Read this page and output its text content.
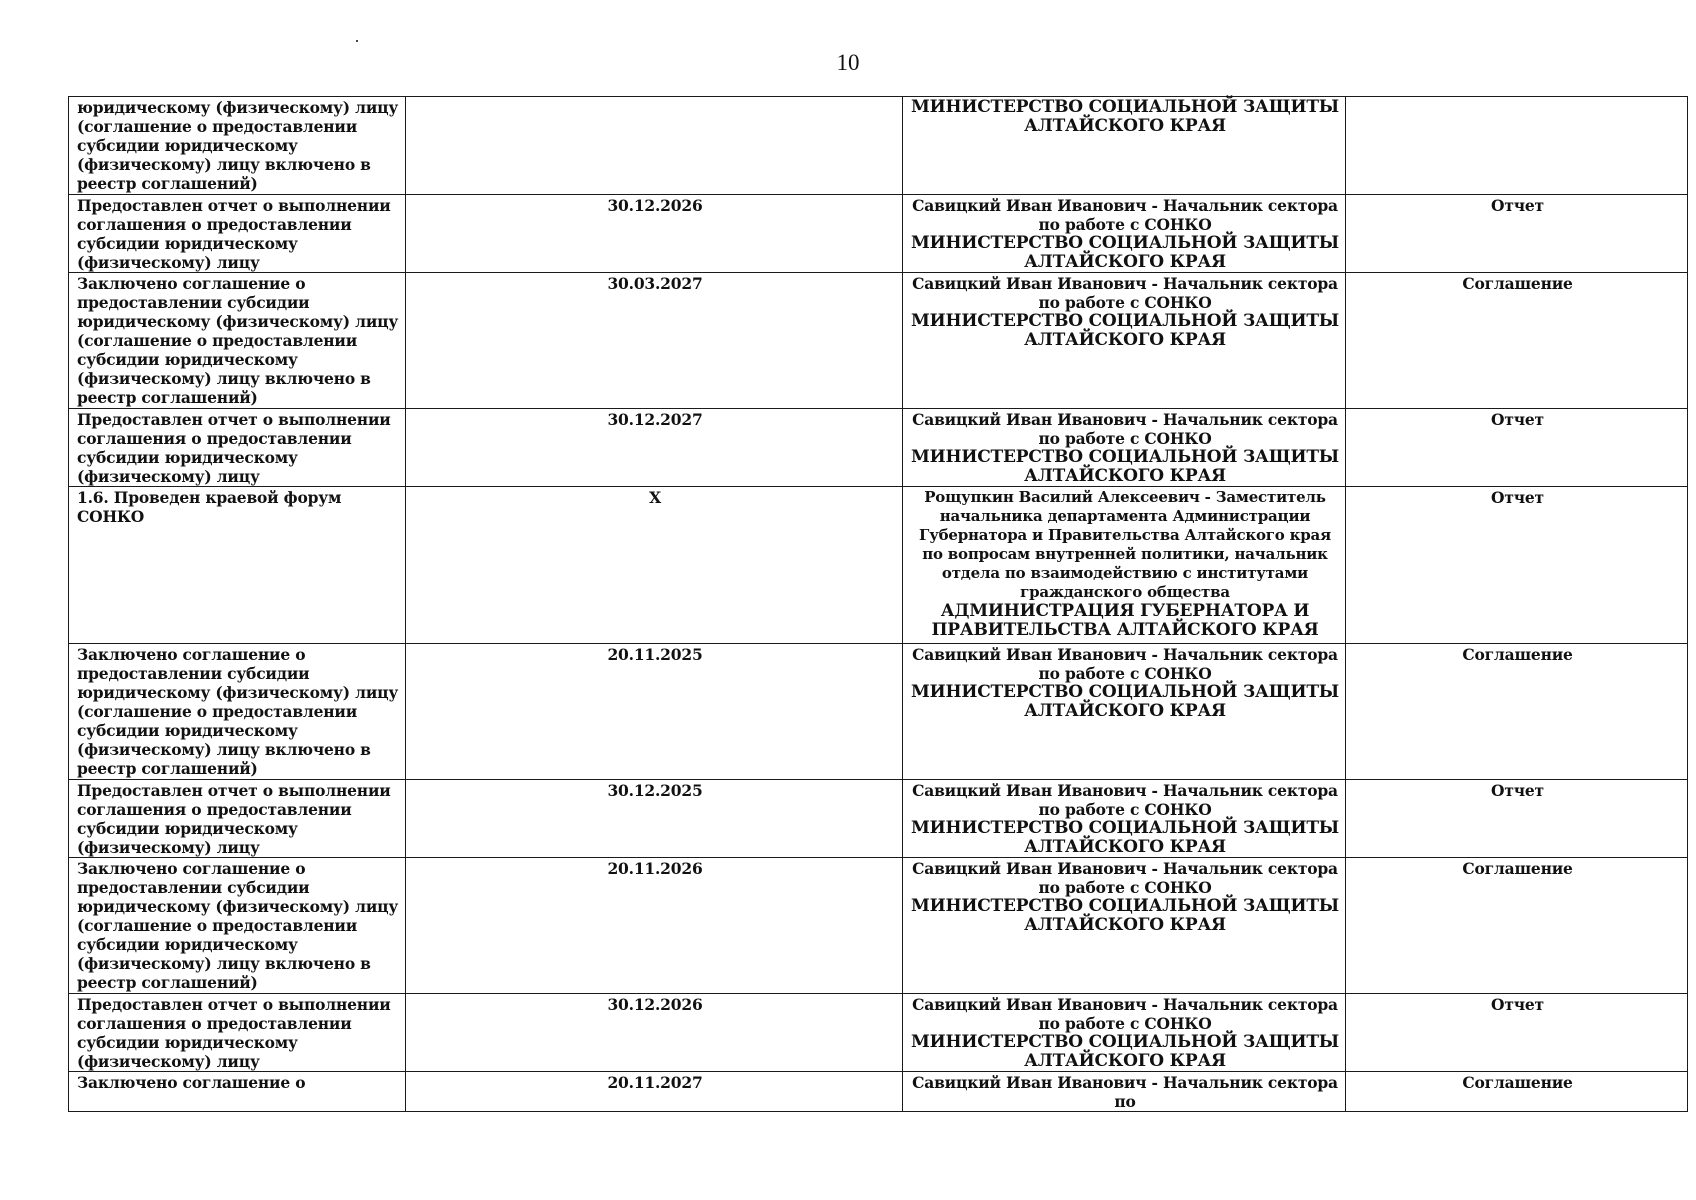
10
юридическому (физическому) лицу (соглашение о предоставлении субсидии юридическому (физическому) лицу включено в реестр соглашений)		МИНИСТЕРСТВО СОЦИАЛЬНОЙ ЗАЩИТЫ АЛТАЙСКОГО КРАЯ	

Предоставлен отчет о выполнении соглашения о предоставлении субсидии юридическому (физическому) лицу	30.12.2026	Савицкий Иван Иванович - Начальник сектора по работе с СОНКО
МИНИСТЕРСТВО СОЦИАЛЬНОЙ ЗАЩИТЫ АЛТАЙСКОГО КРАЯ	Отчет
Заключено соглашение о предоставлении субсидии юридическому (физическому) лицу (соглашение о предоставлении субсидии юридическому (физическому) лицу включено в реестр соглашений)	30.03.2027	Савицкий Иван Иванович - Начальник сектора по работе с СОНКО
МИНИСТЕРСТВО СОЦИАЛЬНОЙ ЗАЩИТЫ АЛТАЙСКОГО КРАЯ	Соглашение
Предоставлен отчет о выполнении соглашения о предоставлении субсидии юридическому (физическому) лицу	30.12.2027	Савицкий Иван Иванович - Начальник сектора по работе с СОНКО
МИНИСТЕРСТВО СОЦИАЛЬНОЙ ЗАЩИТЫ АЛТАЙСКОГО КРАЯ	Отчет
1.6. Проведен краевой форум СОНКО	X	Рощупкин Василий Алексеевич - Заместитель начальника департамента Администрации Губернатора и Правительства Алтайского края по вопросам внутренней политики, начальник отдела по взаимодействию с институтами гражданского общества
АДМИНИСТРАЦИЯ ГУБЕРНАТОРА И ПРАВИТЕЛЬСТВА АЛТАЙСКОГО КРАЯ	Отчет
Заключено соглашение о предоставлении субсидии юридическому (физическому) лицу (соглашение о предоставлении субсидии юридическому (физическому) лицу включено в реестр соглашений)	20.11.2025	Савицкий Иван Иванович - Начальник сектора по работе с СОНКО
МИНИСТЕРСТВО СОЦИАЛЬНОЙ ЗАЩИТЫ АЛТАЙСКОГО КРАЯ	Соглашение
Предоставлен отчет о выполнении соглашения о предоставлении субсидии юридическому (физическому) лицу	30.12.2025	Савицкий Иван Иванович - Начальник сектора по работе с СОНКО
МИНИСТЕРСТВО СОЦИАЛЬНОЙ ЗАЩИТЫ АЛТАЙСКОГО КРАЯ	Отчет
Заключено соглашение о предоставлении субсидии юридическому (физическому) лицу (соглашение о предоставлении субсидии юридическому (физическому) лицу включено в реестр соглашений)	20.11.2026	Савицкий Иван Иванович - Начальник сектора по работе с СОНКО
МИНИСТЕРСТВО СОЦИАЛЬНОЙ ЗАЩИТЫ АЛТАЙСКОГО КРАЯ	Соглашение
Предоставлен отчет о выполнении соглашения о предоставлении субсидии юридическому (физическому) лицу	30.12.2026	Савицкий Иван Иванович - Начальник сектора по работе с СОНКО
МИНИСТЕРСТВО СОЦИАЛЬНОЙ ЗАЩИТЫ АЛТАЙСКОГО КРАЯ	Отчет
Заключено соглашение о	20.11.2027	Савицкий Иван Иванович - Начальник сектора по	Соглашение
